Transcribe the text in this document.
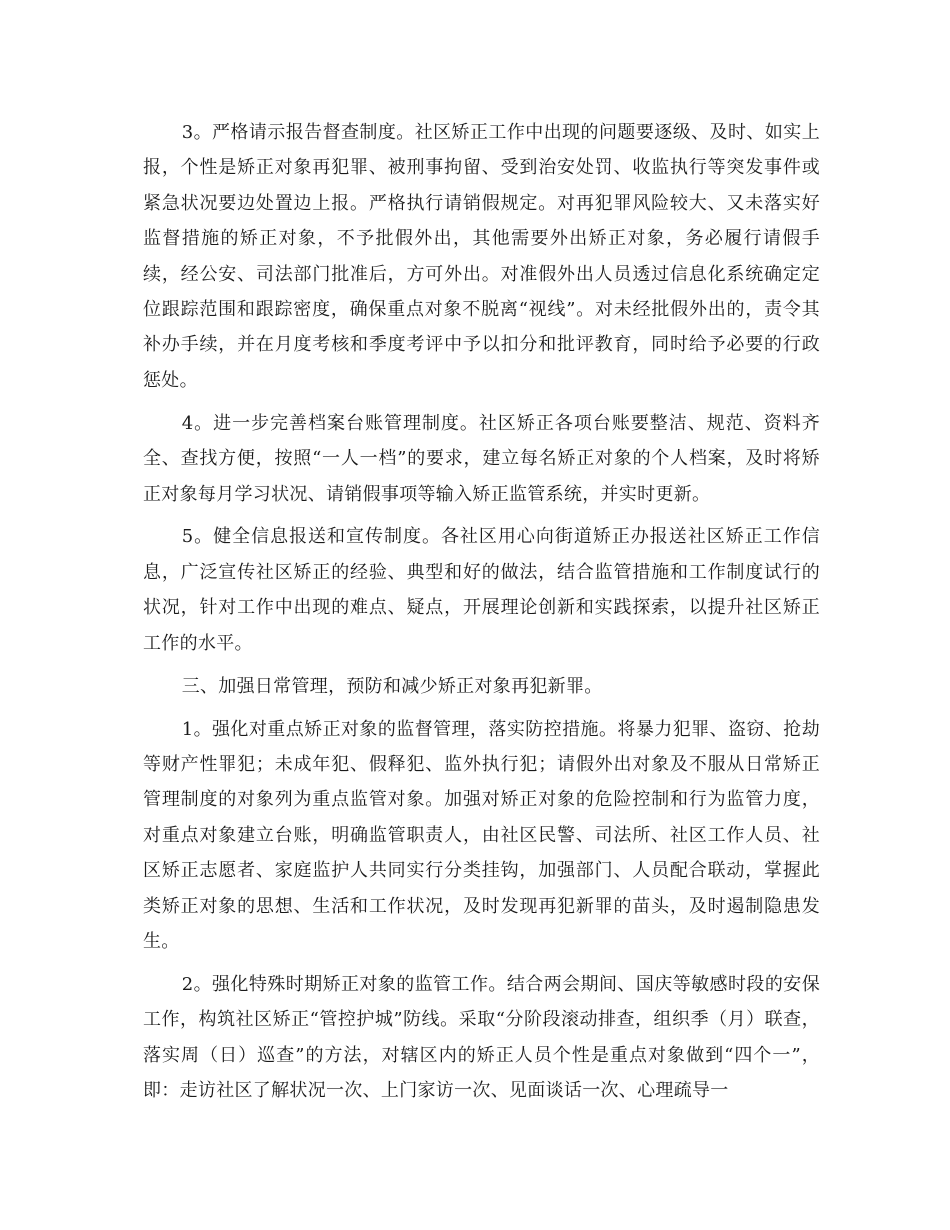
3。严格请示报告督查制度。社区矫正工作中出现的问题要逐级、及时、如实上报，个性是矫正对象再犯罪、被刑事拘留、受到治安处罚、收监执行等突发事件或紧急状况要边处置边上报。严格执行请销假规定。对再犯罪风险较大、又未落实好监督措施的矫正对象，不予批假外出，其他需要外出矫正对象，务必履行请假手续，经公安、司法部门批准后，方可外出。对准假外出人员透过信息化系统确定定位跟踪范围和跟踪密度，确保重点对象不脱离“视线”。对未经批假外出的，责令其补办手续，并在月度考核和季度考评中予以扣分和批评教育，同时给予必要的行政惩处。

4。进一步完善档案台账管理制度。社区矫正各项台账要整洁、规范、资料齐全、查找方便，按照“一人一档”的要求，建立每名矫正对象的个人档案，及时将矫正对象每月学习状况、请销假事项等输入矫正监管系统，并实时更新。

5。健全信息报送和宣传制度。各社区用心向街道矫正办报送社区矫正工作信息，广泛宣传社区矫正的经验、典型和好的做法，结合监管措施和工作制度试行的状况，针对工作中出现的难点、疑点，开展理论创新和实践探索，以提升社区矫正工作的水平。

三、加强日常管理，预防和减少矫正对象再犯新罪。

1。强化对重点矫正对象的监督管理，落实防控措施。将暴力犯罪、盗窃、抢劫等财产性罪犯；未成年犯、假释犯、监外执行犯；请假外出对象及不服从日常矫正管理制度的对象列为重点监管对象。加强对矫正对象的危险控制和行为监管力度，对重点对象建立台账，明确监管职责人，由社区民警、司法所、社区工作人员、社区矫正志愿者、家庭监护人共同实行分类挂钩，加强部门、人员配合联动，掌握此类矫正对象的思想、生活和工作状况，及时发现再犯新罪的苗头，及时遏制隐患发生。

2。强化特殊时期矫正对象的监管工作。结合两会期间、国庆等敏感时段的安保工作，构筑社区矫正“管控护城”防线。采取“分阶段滚动排查，组织季（月）联查，落实周（日）巡查”的方法，对辖区内的矫正人员个性是重点对象做到“四个一”，即：走访社区了解状况一次、上门家访一次、见面谈话一次、心理疏导一
